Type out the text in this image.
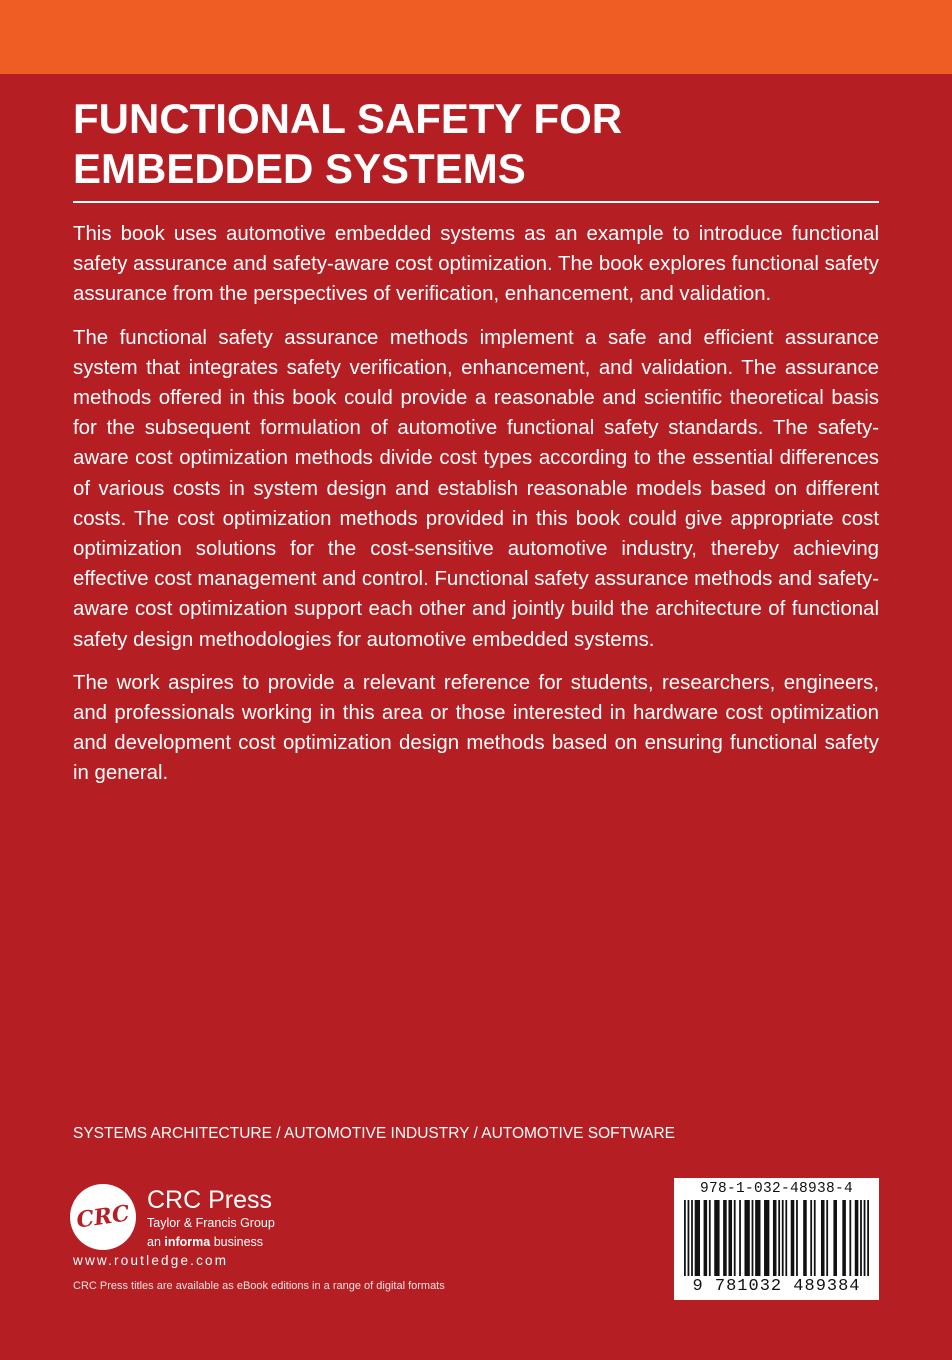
FUNCTIONAL SAFETY FOR
EMBEDDED SYSTEMS

This book uses automotive embedded systems as an example to introduce functional safety assurance and safety-aware cost optimization. The book explores functional safety assurance from the perspectives of verification, enhancement, and validation.

The functional safety assurance methods implement a safe and efficient assurance system that integrates safety verification, enhancement, and validation. The assurance methods offered in this book could provide a reasonable and scientific theoretical basis for the subsequent formulation of automotive functional safety standards. The safety-aware cost optimization methods divide cost types according to the essential differences of various costs in system design and establish reasonable models based on different costs. The cost optimization methods provided in this book could give appropriate cost optimization solutions for the cost-sensitive automotive industry, thereby achieving effective cost management and control. Functional safety assurance methods and safety-aware cost optimization support each other and jointly build the architecture of functional safety design methodologies for automotive embedded systems.

The work aspires to provide a relevant reference for students, researchers, engineers, and professionals working in this area or those interested in hardware cost optimization and development cost optimization design methods based on ensuring functional safety in general.

SYSTEMS ARCHITECTURE / AUTOMOTIVE INDUSTRY / AUTOMOTIVE SOFTWARE
CRC
CRC Press
Taylor & Francis Group
an informa business
www.routledge.com
CRC Press titles are available as eBook editions in a range of digital formats
978-1-032-48938-4
9 781032 489384
